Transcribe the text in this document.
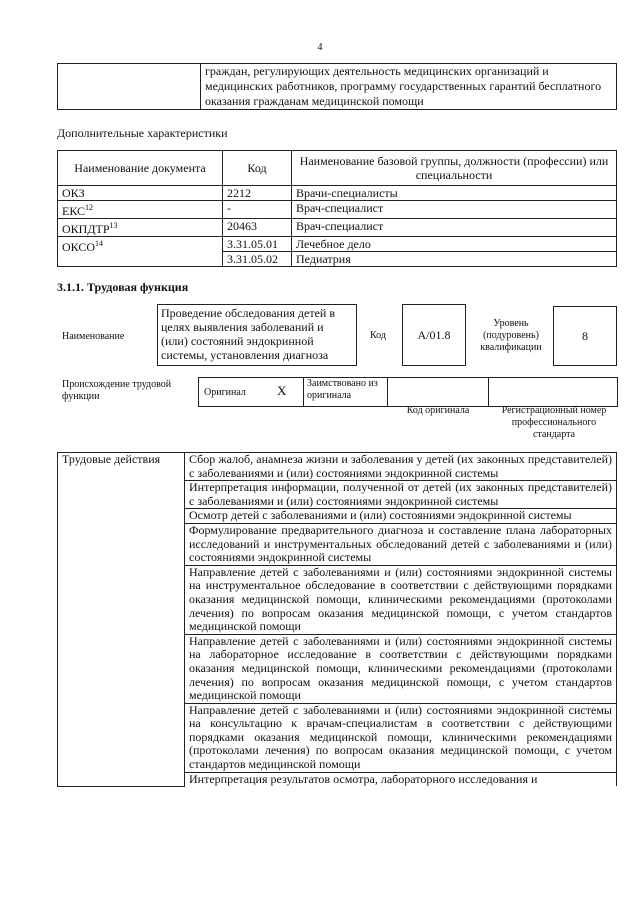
4
	граждан, регулирующих деятельность медицинских организаций и медицинских работников, программу государственных гарантий бесплатного оказания гражданам медицинской помощи
Дополнительные характеристики
Наименование документа	Код	Наименование базовой группы, должности (профессии) или специальности
ОКЗ	2212	Врачи-специалисты
ЕКС$^{12}$	-	Врач-специалист
ОКПДТР$^{13}$	20463	Врач-специалист
ОКСО$^{14}$	3.31.05.01	Лечебное дело
	3.31.05.02	Педиатрия
3.1.1. Трудовая функция
Наименование
Проведение обследования детей в целях выявления заболеваний и (или) состояний эндокринной системы, установления диагноза
Код	A/01.8
Уровень (подуровень) квалификации
8
Происхождение трудовой функции	Оригинал X	Заимствовано из оригинала
Код оригинала	Регистрационный номер профессионального стандарта
Трудовые действия	Сбор жалоб, анамнеза жизни и заболевания у детей (их законных представителей) с заболеваниями и (или) состояниями эндокринной системы
Интерпретация информации, полученной от детей (их законных представителей) с заболеваниями и (или) состояниями эндокринной системы
Осмотр детей с заболеваниями и (или) состояниями эндокринной системы
Формулирование предварительного диагноза и составление плана лабораторных исследований и инструментальных обследований детей с заболеваниями и (или) состояниями эндокринной системы
Направление детей с заболеваниями и (или) состояниями эндокринной системы на инструментальное обследование в соответствии с действующими порядками оказания медицинской помощи, клиническими рекомендациями (протоколами лечения) по вопросам оказания медицинской помощи, с учетом стандартов медицинской помощи
Направление детей с заболеваниями и (или) состояниями эндокринной системы на лабораторное исследование в соответствии с действующими порядками оказания медицинской помощи, клиническими рекомендациями (протоколами лечения) по вопросам оказания медицинской помощи, с учетом стандартов медицинской помощи
Направление детей с заболеваниями и (или) состояниями эндокринной системы на консультацию к врачам-специалистам в соответствии с действующими порядками оказания медицинской помощи, клиническими рекомендациями (протоколами лечения) по вопросам оказания медицинской помощи, с учетом стандартов медицинской помощи
Интерпретация результатов осмотра, лабораторного исследования и
